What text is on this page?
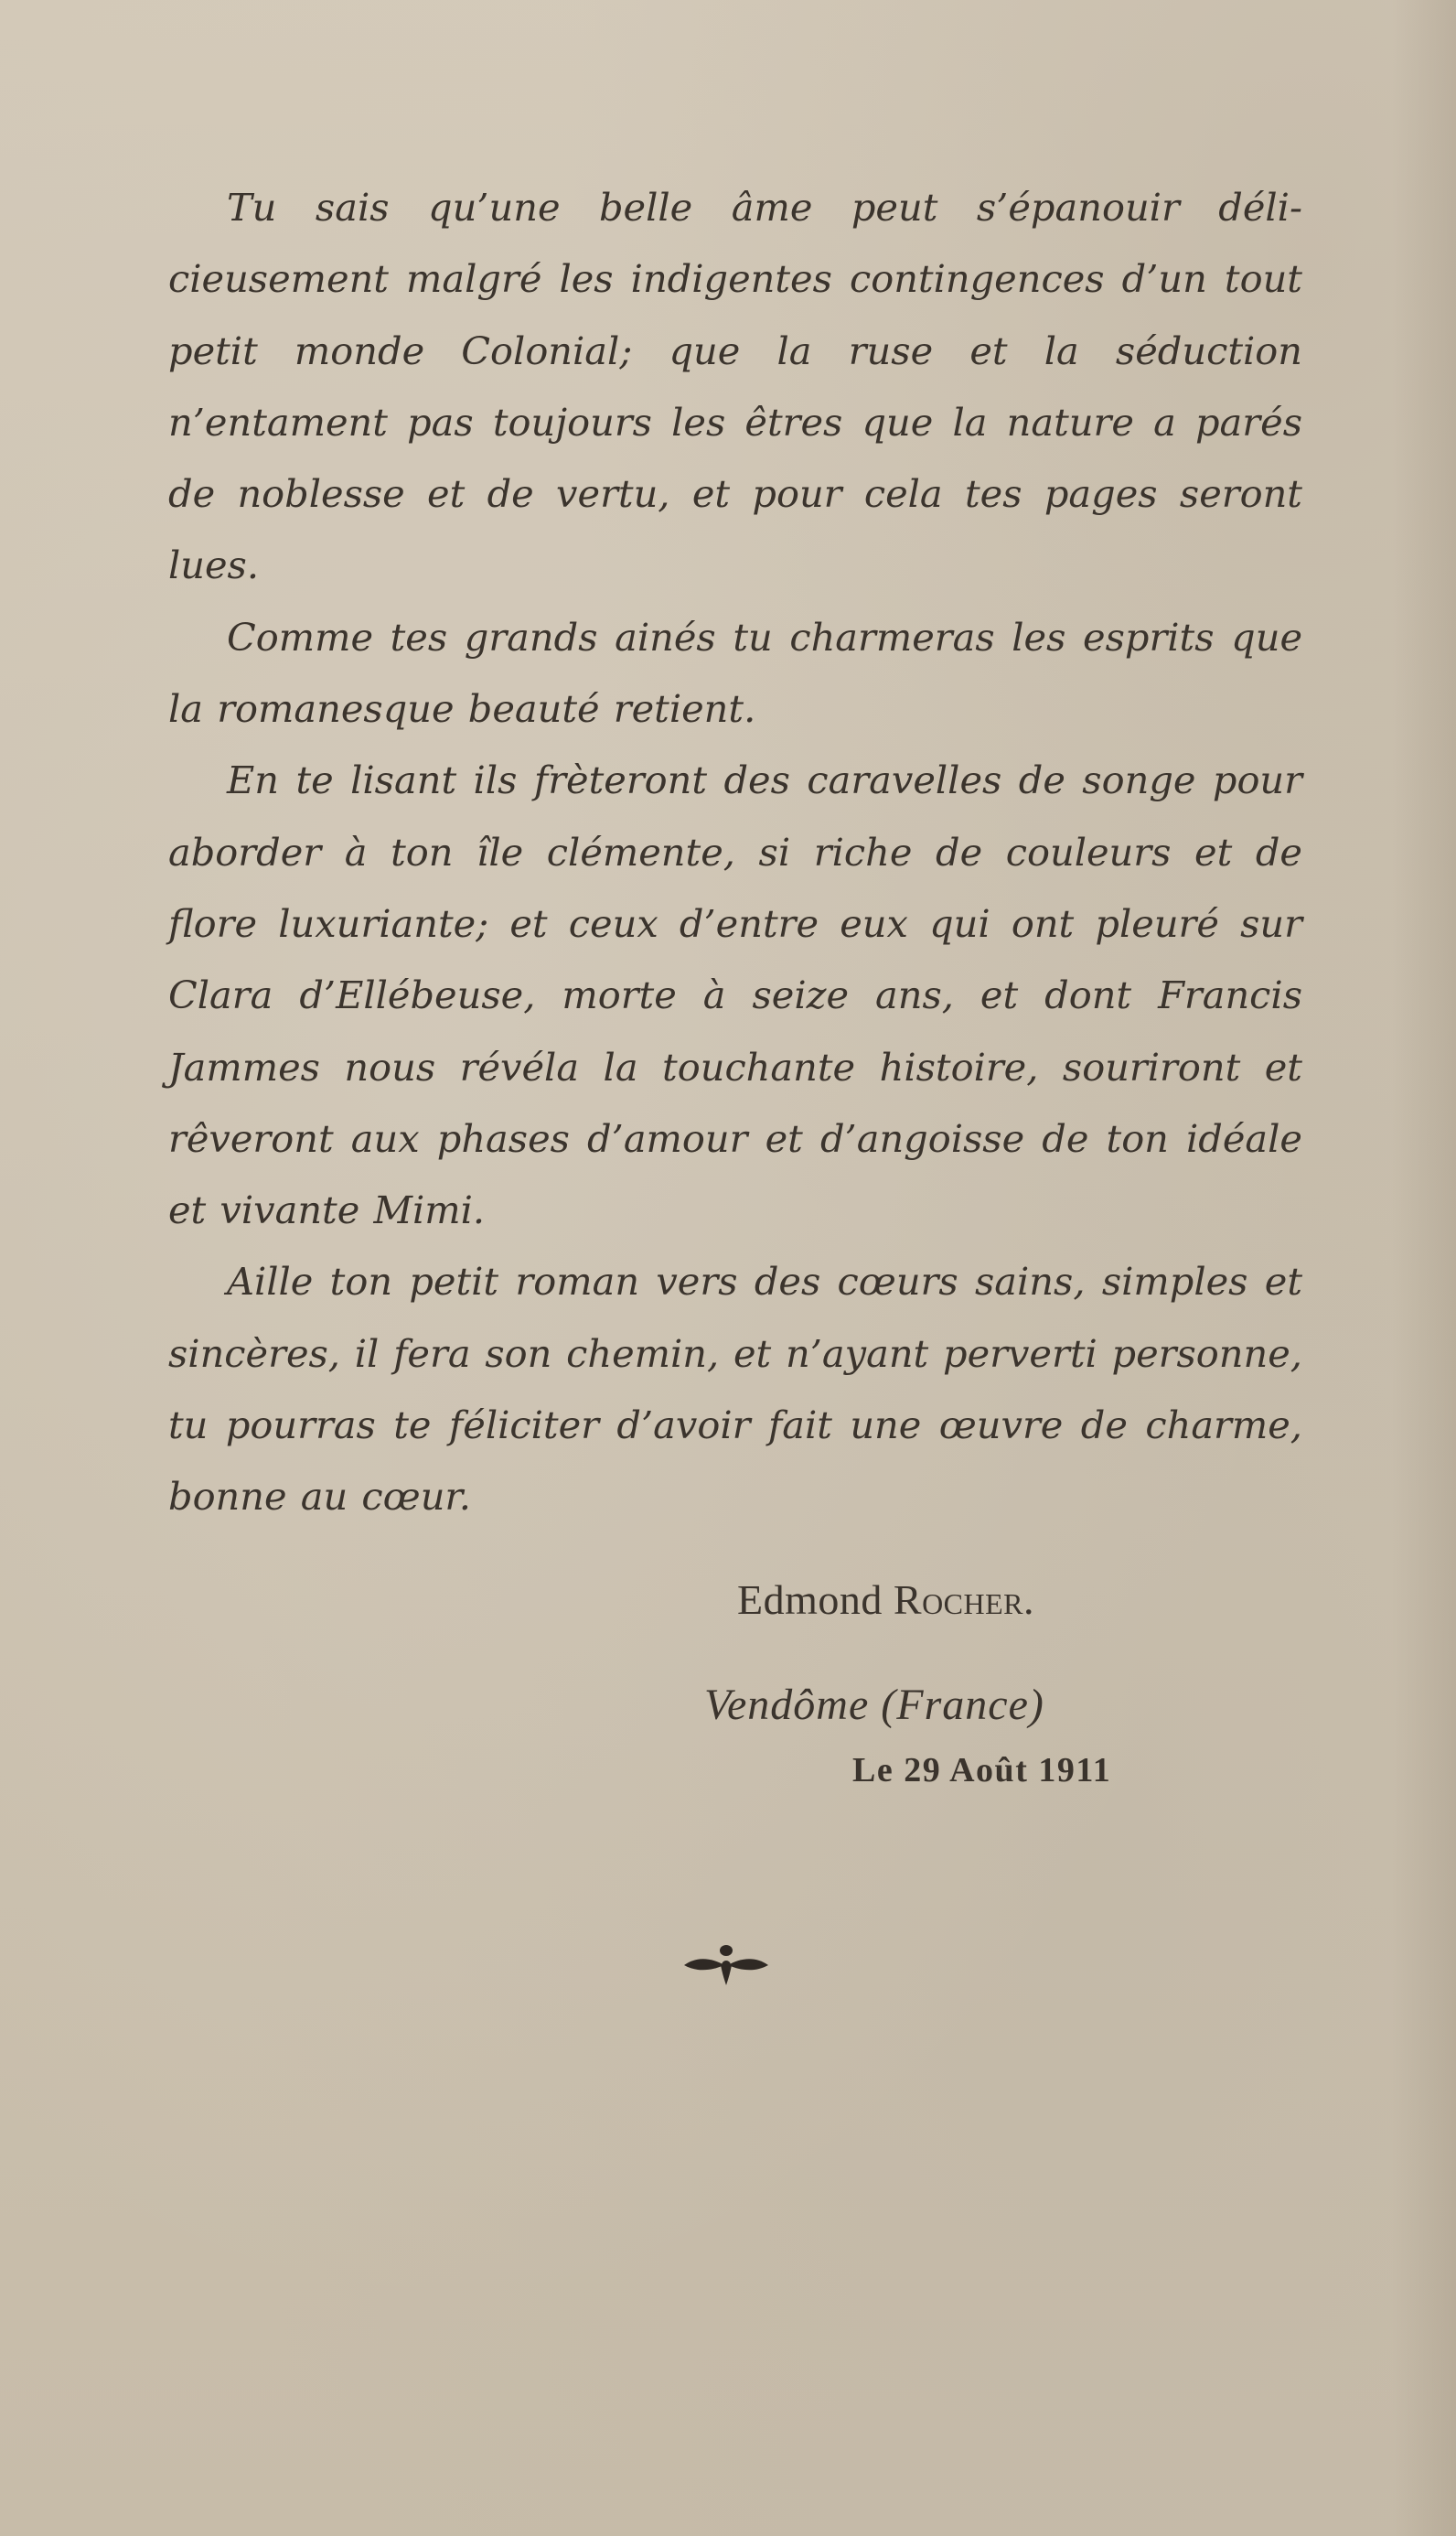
Tu sais qu’une belle âme peut s’épanouir délicieusement malgré les indigentes contingences d’un tout petit monde Colonial; que la ruse et la séduction n’entament pas toujours les êtres que la nature a parés de noblesse et de vertu, et pour cela tes pages seront lues.

Comme tes grands ainés tu charmeras les esprits que la romanesque beauté retient.

En te lisant ils frèteront des caravelles de songe pour aborder à ton île clémente, si riche de couleurs et de flore luxuriante; et ceux d’entre eux qui ont pleuré sur Clara d’Ellébeuse, morte à seize ans, et dont Francis Jammes nous révéla la touchante histoire, souriront et rêveront aux phases d’amour et d’angoisse de ton idéale et vivante Mimi.

Aille ton petit roman vers des cœurs sains, simples et sincères, il fera son chemin, et n’ayant perverti personne, tu pourras te féliciter d’avoir fait une œuvre de charme, bonne au cœur.

Edmond Rocher.
Vendôme (France)
Le 29 Août 1911
